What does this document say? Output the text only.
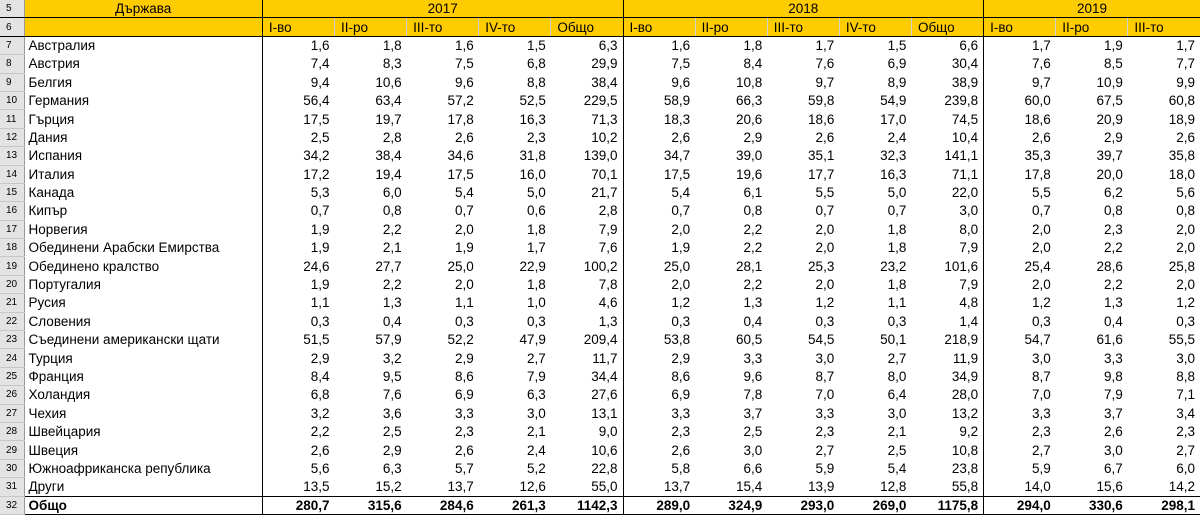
5	Държава	2017					2018					2019		
6		I-во	II-ро	III-то	IV-то	Общо	I-во	II-ро	III-то	IV-то	Общо	I-во	II-ро	III-то
7	Австралия	1,6	1,8	1,6	1,5	6,3	1,6	1,8	1,7	1,5	6,6	1,7	1,9	1,7
8	Австрия	7,4	8,3	7,5	6,8	29,9	7,5	8,4	7,6	6,9	30,4	7,6	8,5	7,7
9	Белгия	9,4	10,6	9,6	8,8	38,4	9,6	10,8	9,7	8,9	38,9	9,7	10,9	9,9
10	Германия	56,4	63,4	57,2	52,5	229,5	58,9	66,3	59,8	54,9	239,8	60,0	67,5	60,8
11	Гърция	17,5	19,7	17,8	16,3	71,3	18,3	20,6	18,6	17,0	74,5	18,6	20,9	18,9
12	Дания	2,5	2,8	2,6	2,3	10,2	2,6	2,9	2,6	2,4	10,4	2,6	2,9	2,6
13	Испания	34,2	38,4	34,6	31,8	139,0	34,7	39,0	35,1	32,3	141,1	35,3	39,7	35,8
14	Италия	17,2	19,4	17,5	16,0	70,1	17,5	19,6	17,7	16,3	71,1	17,8	20,0	18,0
15	Канада	5,3	6,0	5,4	5,0	21,7	5,4	6,1	5,5	5,0	22,0	5,5	6,2	5,6
16	Кипър	0,7	0,8	0,7	0,6	2,8	0,7	0,8	0,7	0,7	3,0	0,7	0,8	0,8
17	Норвегия	1,9	2,2	2,0	1,8	7,9	2,0	2,2	2,0	1,8	8,0	2,0	2,3	2,0
18	Обединени Арабски Емирства	1,9	2,1	1,9	1,7	7,6	1,9	2,2	2,0	1,8	7,9	2,0	2,2	2,0
19	Обединено кралство	24,6	27,7	25,0	22,9	100,2	25,0	28,1	25,3	23,2	101,6	25,4	28,6	25,8
20	Португалия	1,9	2,2	2,0	1,8	7,8	2,0	2,2	2,0	1,8	7,9	2,0	2,2	2,0
21	Русия	1,1	1,3	1,1	1,0	4,6	1,2	1,3	1,2	1,1	4,8	1,2	1,3	1,2
22	Словения	0,3	0,4	0,3	0,3	1,3	0,3	0,4	0,3	0,3	1,4	0,3	0,4	0,3
23	Съединени американски щати	51,5	57,9	52,2	47,9	209,4	53,8	60,5	54,5	50,1	218,9	54,7	61,6	55,5
24	Турция	2,9	3,2	2,9	2,7	11,7	2,9	3,3	3,0	2,7	11,9	3,0	3,3	3,0
25	Франция	8,4	9,5	8,6	7,9	34,4	8,6	9,6	8,7	8,0	34,9	8,7	9,8	8,8
26	Холандия	6,8	7,6	6,9	6,3	27,6	6,9	7,8	7,0	6,4	28,0	7,0	7,9	7,1
27	Чехия	3,2	3,6	3,3	3,0	13,1	3,3	3,7	3,3	3,0	13,2	3,3	3,7	3,4
28	Швейцария	2,2	2,5	2,3	2,1	9,0	2,3	2,5	2,3	2,1	9,2	2,3	2,6	2,3
29	Швеция	2,6	2,9	2,6	2,4	10,6	2,6	3,0	2,7	2,5	10,8	2,7	3,0	2,7
30	Южноафриканска република	5,6	6,3	5,7	5,2	22,8	5,8	6,6	5,9	5,4	23,8	5,9	6,7	6,0
31	Други	13,5	15,2	13,7	12,6	55,0	13,7	15,4	13,9	12,8	55,8	14,0	15,6	14,2
32	Общо	280,7	315,6	284,6	261,3	1142,3	289,0	324,9	293,0	269,0	1175,8	294,0	330,6	298,1
